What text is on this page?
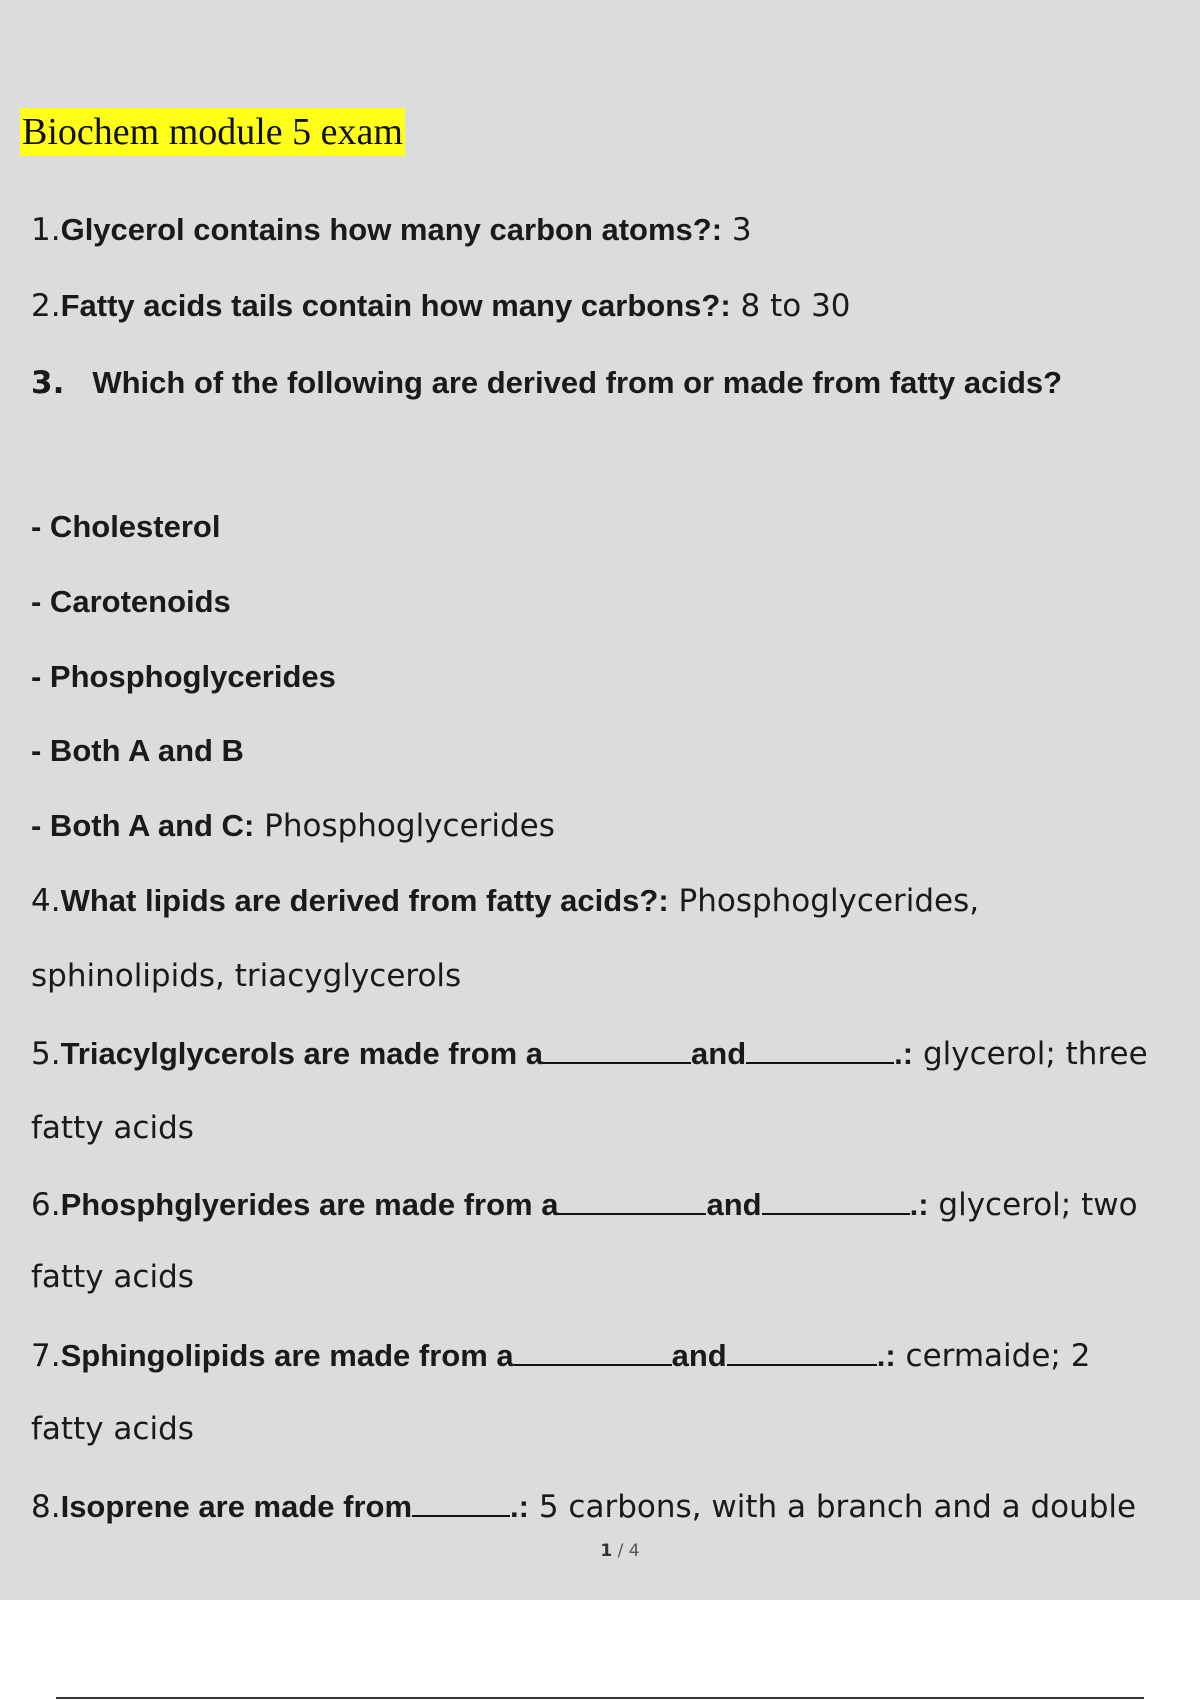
Biochem module 5 exam
1.Glycerol contains how many carbon atoms?: 3
2.Fatty acids tails contain how many carbons?: 8 to 30
3. Which of the following are derived from or made from fatty acids?
- Cholesterol
- Carotenoids
- Phosphoglycerides
- Both A and B
- Both A and C: Phosphoglycerides
4.What lipids are derived from fatty acids?: Phosphoglycerides,
sphinolipids, triacyglycerols
5.Triacylglycerols are made from a	and	.: glycerol; three
fatty acids
6.Phosphglyerides are made from a	and	.: glycerol; two
fatty acids
7.Sphingolipids are made from a	and	.: cermaide; 2
fatty acids
8.Isoprene are made from	.: 5 carbons, with a branch and a double
1 / 4
